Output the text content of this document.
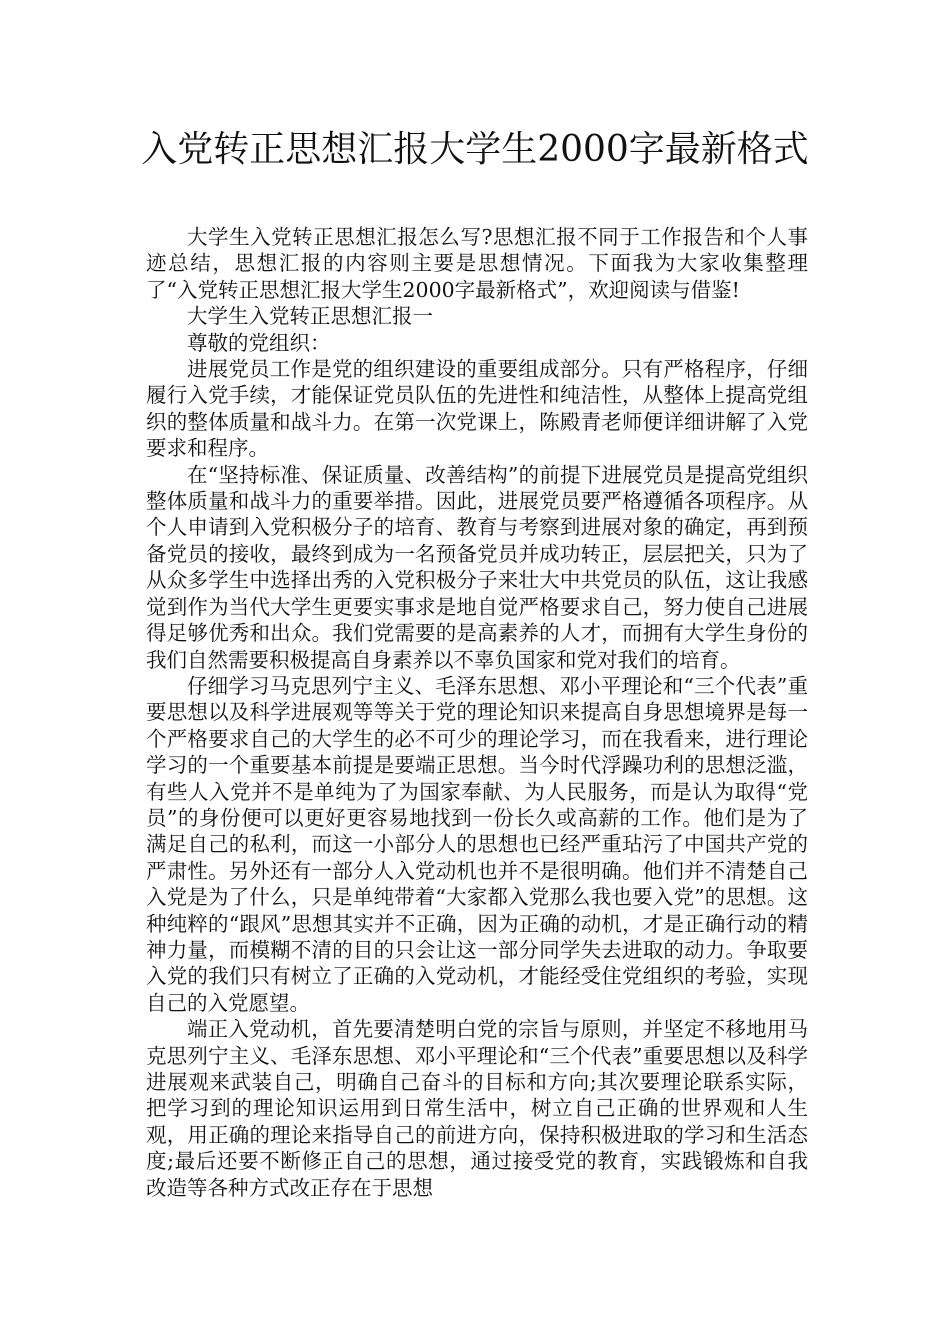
入党转正思想汇报大学生2000字最新格式

大学生入党转正思想汇报怎么写?思想汇报不同于工作报告和个人事迹总结，思想汇报的内容则主要是思想情况。下面我为大家收集整理了“入党转正思想汇报大学生2000字最新格式”，欢迎阅读与借鉴!

大学生入党转正思想汇报一

尊敬的党组织：

进展党员工作是党的组织建设的重要组成部分。只有严格程序，仔细履行入党手续，才能保证党员队伍的先进性和纯洁性，从整体上提高党组织的整体质量和战斗力。在第一次党课上，陈殿青老师便详细讲解了入党要求和程序。

在“坚持标准、保证质量、改善结构”的前提下进展党员是提高党组织整体质量和战斗力的重要举措。因此，进展党员要严格遵循各项程序。从个人申请到入党积极分子的培育、教育与考察到进展对象的确定，再到预备党员的接收，最终到成为一名预备党员并成功转正，层层把关，只为了从众多学生中选择出秀的入党积极分子来壮大中共党员的队伍，这让我感觉到作为当代大学生更要实事求是地自觉严格要求自己，努力使自己进展得足够优秀和出众。我们党需要的是高素养的人才，而拥有大学生身份的我们自然需要积极提高自身素养以不辜负国家和党对我们的培育。

仔细学习马克思列宁主义、毛泽东思想、邓小平理论和“三个代表”重要思想以及科学进展观等等关于党的理论知识来提高自身思想境界是每一个严格要求自己的大学生的必不可少的理论学习，而在我看来，进行理论学习的一个重要基本前提是要端正思想。当今时代浮躁功利的思想泛滥，有些人入党并不是单纯为了为国家奉献、为人民服务，而是认为取得“党员”的身份便可以更好更容易地找到一份长久或高薪的工作。他们是为了满足自己的私利，而这一小部分人的思想也已经严重玷污了中国共产党的严肃性。另外还有一部分人入党动机也并不是很明确。他们并不清楚自己入党是为了什么，只是单纯带着“大家都入党那么我也要入党”的思想。这种纯粹的“跟风”思想其实并不正确，因为正确的动机，才是正确行动的精神力量，而模糊不清的目的只会让这一部分同学失去进取的动力。争取要入党的我们只有树立了正确的入党动机，才能经受住党组织的考验，实现自己的入党愿望。

端正入党动机，首先要清楚明白党的宗旨与原则，并坚定不移地用马克思列宁主义、毛泽东思想、邓小平理论和“三个代表”重要思想以及科学进展观来武装自己，明确自己奋斗的目标和方向;其次要理论联系实际，把学习到的理论知识运用到日常生活中，树立自己正确的世界观和人生观，用正确的理论来指导自己的前进方向，保持积极进取的学习和生活态度;最后还要不断修正自己的思想，通过接受党的教育，实践锻炼和自我改造等各种方式改正存在于思想
